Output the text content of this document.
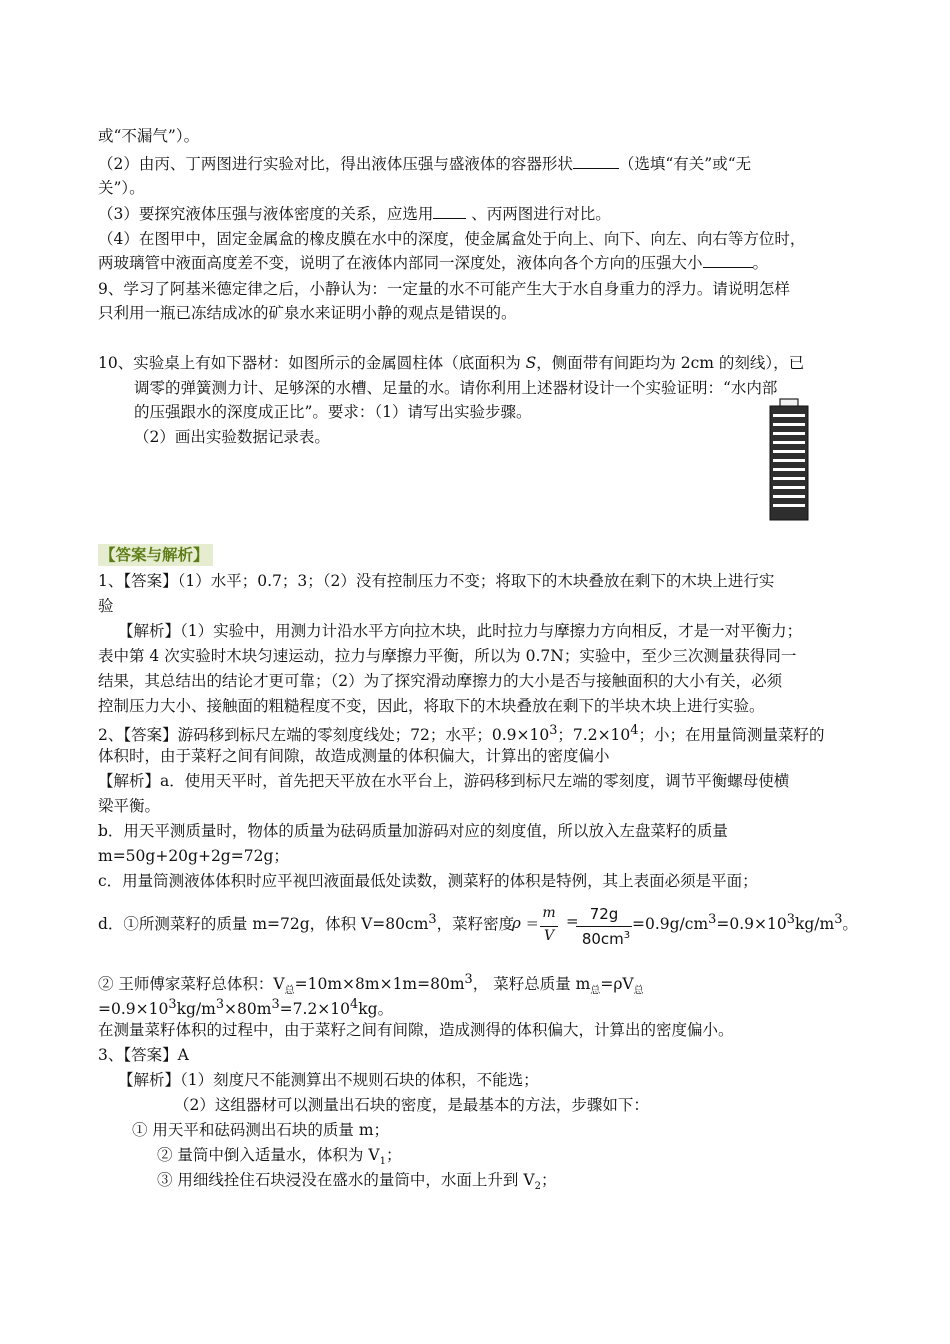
或“不漏气”）。
（2）由丙、丁两图进行实验对比，得出液体压强与盛液体的容器形状	（选填“有关”或“无
关”）。
（3）要探究液体压强与液体密度的关系，应选用 、丙两图进行对比。
（4）在图甲中，固定金属盒的橡皮膜在水中的深度，使金属盒处于向上、向下、向左、向右等方位时，
两玻璃管中液面高度差不变，说明了在液体内部同一深度处，液体向各个方向的压强大小	。
9、学习了阿基米德定律之后，小静认为：一定量的水不可能产生大于水自身重力的浮力。请说明怎样
只利用一瓶已冻结成冰的矿泉水来证明小静的观点是错误的。
10、实验桌上有如下器材：如图所示的金属圆柱体（底面积为 S，侧面带有间距均为 2cm 的刻线），已
调零的弹簧测力计、足够深的水槽、足量的水。请你利用上述器材设计一个实验证明：“水内部
的压强跟水的深度成正比”。要求：（1）请写出实验步骤。
（2）画出实验数据记录表。
【答案与解析】
1、【答案】（1）水平；0.7；3；（2）没有控制压力不变；将取下的木块叠放在剩下的木块上进行实
验
【解析】（1）实验中，用测力计沿水平方向拉木块，此时拉力与摩擦力方向相反，才是一对平衡力；
表中第 4 次实验时木块匀速运动，拉力与摩擦力平衡，所以为 0.7N；实验中，至少三次测量获得同一
结果，其总结出的结论才更可靠；（2）为了探究滑动摩擦力的大小是否与接触面积的大小有关，必须
控制压力大小、接触面的粗糙程度不变，因此，将取下的木块叠放在剩下的半块木块上进行实验。
2、【答案】游码移到标尺左端的零刻度线处；72；水平；$0.9\times 10^3$；$7.2\times 10^4$；小；在用量筒测量菜籽的
体积时，由于菜籽之间有间隙，故造成测量的体积偏大，计算出的密度偏小
【解析】a．使用天平时，首先把天平放在水平台上，游码移到标尺左端的零刻度，调节平衡螺母使横
梁平衡。
b．用天平测质量时，物体的质量为砝码质量加游码对应的刻度值，所以放入左盘菜籽的质量
m=50g+20g+2g=72g；
c．用量筒测液体体积时应平视凹液面最低处读数，测菜籽的体积是特例，其上表面必须是平面；
d．①所测菜籽的质量 m=72g，体积 $V=80cm^3$，菜籽密度
ρ =
m
V
= 72g
$80cm^3$
$=0.9g/cm^3=0.9\times 10^3kg/m^3$。
② 王师傅家菜籽总体积：$V_总=10m\times 8m\times 1m=80m^3$， 菜籽总质量 $m_总=\rho V_总$
$=0.9\times 10^3kg/m^3\times 80m^3=7.2\times 10^4kg$。
在测量菜籽体积的过程中，由于菜籽之间有间隙，造成测得的体积偏大，计算出的密度偏小。
3、【答案】A
【解析】（1）刻度尺不能测算出不规则石块的体积，不能选；
（2）这组器材可以测量出石块的密度，是最基本的方法，步骤如下：
① 用天平和砝码测出石块的质量 m；
② 量筒中倒入适量水，体积为 $V_1$；
③ 用细线拴住石块浸没在盛水的量筒中，水面上升到 $V_2$；
